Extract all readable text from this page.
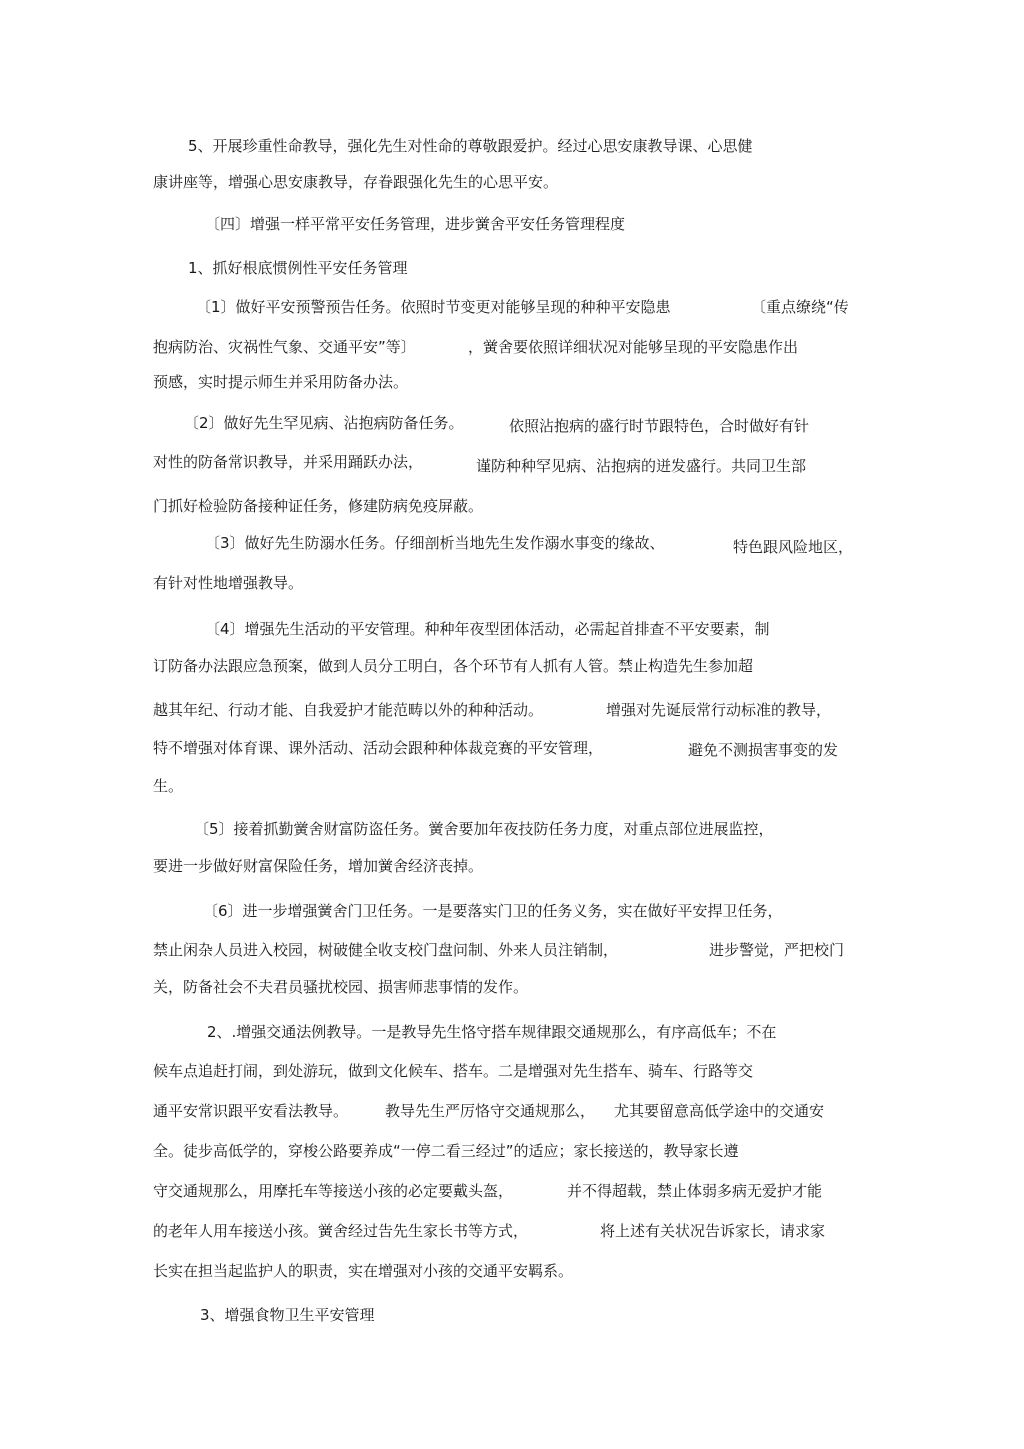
5、开展珍重性命教导，强化先生对性命的尊敬跟爱护。经过心思安康教导课、心思健
康讲座等，增强心思安康教导，存眷跟强化先生的心思平安。
〔四〕增强一样平常平安任务管理，进步黉舍平安任务管理程度
1、抓好根底惯例性平安任务管理
〔1〕做好平安预警预告任务。依照时节变更对能够呈现的种种平安隐患	〔重点缭绕“传
抱病防治、灾祸性气象、交通平安”等〕	，黉舍要依照详细状况对能够呈现的平安隐患作出
预感，实时提示师生并采用防备办法。
〔2〕做好先生罕见病、沾抱病防备任务。	依照沾抱病的盛行时节跟特色，合时做好有针
对性的防备常识教导，并采用踊跃办法，	谨防种种罕见病、沾抱病的迸发盛行。共同卫生部
门抓好检验防备接种证任务，修建防病免疫屏蔽。
〔3〕做好先生防溺水任务。仔细剖析当地先生发作溺水事变的缘故、	特色跟风险地区，
有针对性地增强教导。
〔4〕增强先生活动的平安管理。种种年夜型团体活动，必需起首排查不平安要素，制
订防备办法跟应急预案，做到人员分工明白，各个环节有人抓有人管。禁止构造先生参加超
越其年纪、行动才能、自我爱护才能范畴以外的种种活动。	增强对先诞辰常行动标准的教导，
特不增强对体育课、课外活动、活动会跟种种体裁竞赛的平安管理，	避免不测损害事变的发
生。
〔5〕接着抓勤黉舍财富防盗任务。黉舍要加年夜技防任务力度，对重点部位进展监控，
要进一步做好财富保险任务，增加黉舍经济丧掉。
〔6〕进一步增强黉舍门卫任务。一是要落实门卫的任务义务，实在做好平安捍卫任务，
禁止闲杂人员进入校园，树破健全收支校门盘问制、外来人员注销制，	进步警觉，严把校门
关，防备社会不夫君员骚扰校园、损害师悲事情的发作。
2、.增强交通法例教导。一是教导先生恪守搭车规律跟交通规那么，有序高低车；不在
候车点追赶打闹，到处游玩，做到文化候车、搭车。二是增强对先生搭车、骑车、行路等交
通平安常识跟平安看法教导。 教导先生严厉恪守交通规那么， 尤其要留意高低学途中的交通安
全。徒步高低学的，穿梭公路要养成“一停二看三经过”的适应；家长接送的，教导家长遵
守交通规那么，用摩托车等接送小孩的必定要戴头盔，	并不得超载，禁止体弱多病无爱护才能
的老年人用车接送小孩。黉舍经过告先生家长书等方式，	将上述有关状况告诉家长，请求家
长实在担当起监护人的职责，实在增强对小孩的交通平安羁系。
3、增强食物卫生平安管理
